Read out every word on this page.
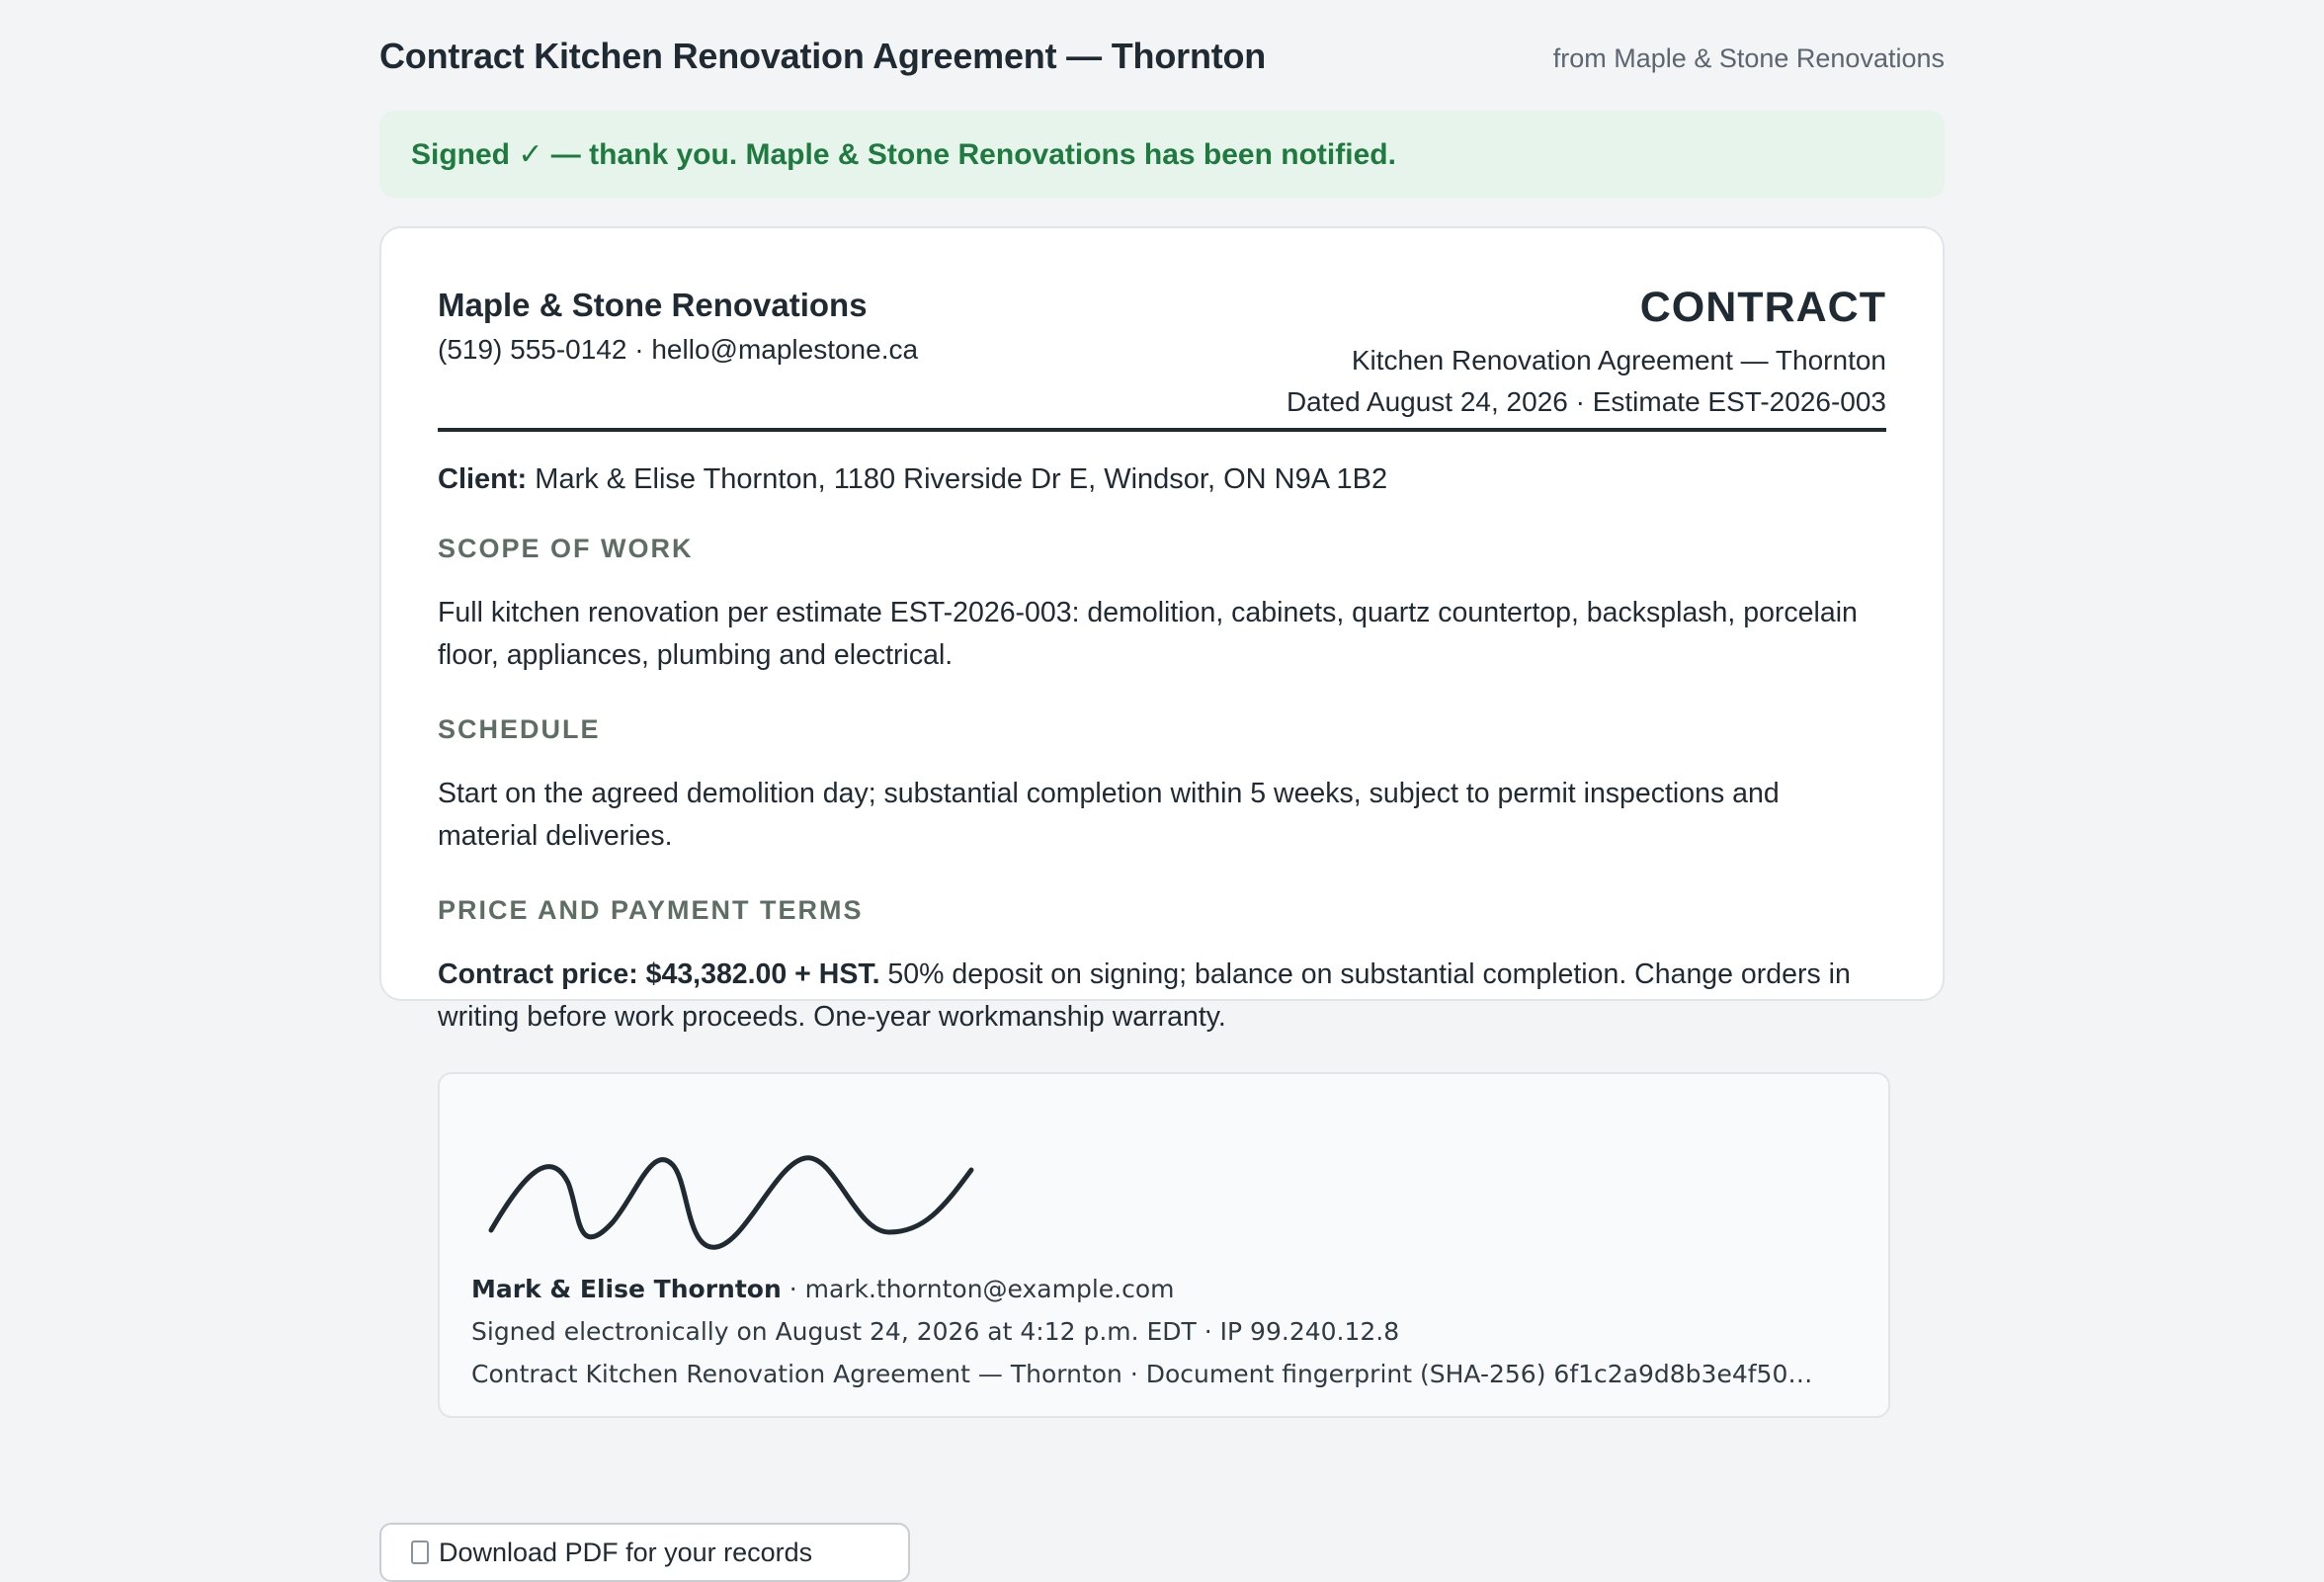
Contract Kitchen Renovation Agreement — Thornton	from Maple & Stone Renovations
Signed ✓ — thank you. Maple & Stone Renovations has been notified.
Maple & Stone Renovations
(519) 555-0142 · hello@maplestone.ca
CONTRACT
Kitchen Renovation Agreement — Thornton
Dated August 24, 2026 · Estimate EST-2026-003
Client: Mark & Elise Thornton, 1180 Riverside Dr E, Windsor, ON N9A 1B2
SCOPE OF WORK
Full kitchen renovation per estimate EST-2026-003: demolition, cabinets, quartz countertop, backsplash, porcelain floor, appliances, plumbing and electrical.
SCHEDULE
Start on the agreed demolition day; substantial completion within 5 weeks, subject to permit inspections and material deliveries.
PRICE AND PAYMENT TERMS
Contract price: $43,382.00 + HST. 50% deposit on signing; balance on substantial completion. Change orders in writing before work proceeds. One-year workmanship warranty.
Mark & Elise Thornton · mark.thornton@example.com
Signed electronically on August 24, 2026 at 4:12 p.m. EDT · IP 99.240.12.8
Contract Kitchen Renovation Agreement — Thornton · Document fingerprint (SHA-256) 6f1c2a9d8b3e4f50…
Download PDF for your records
